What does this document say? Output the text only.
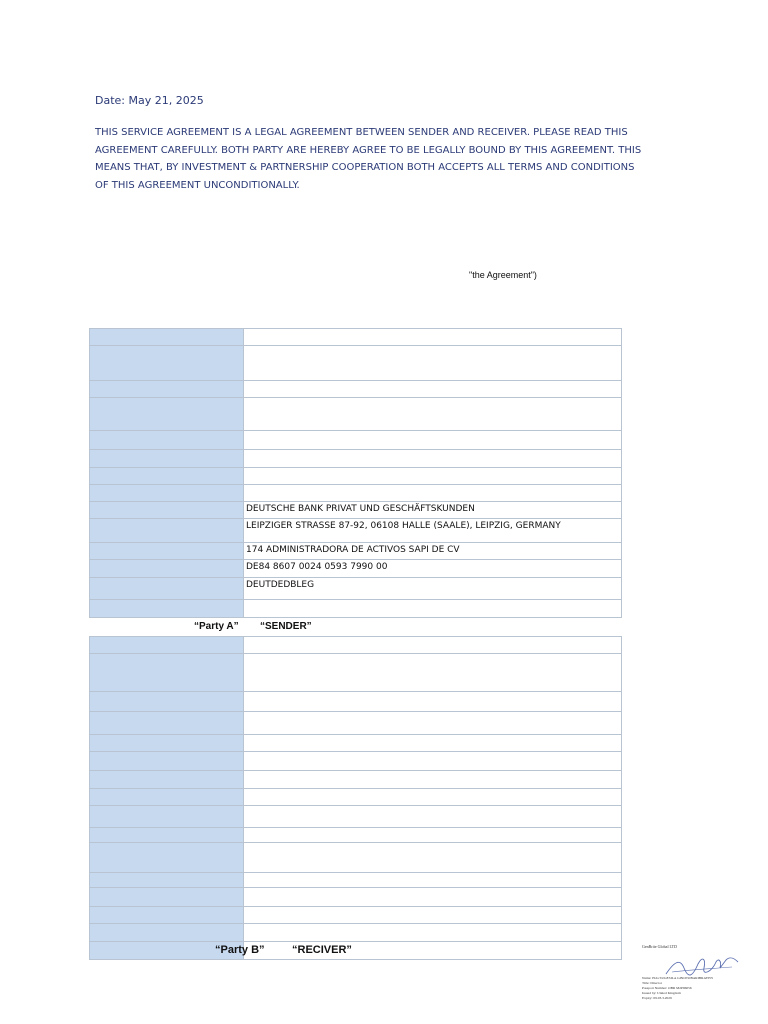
Date: May 21, 2025
THIS SERVICE AGREEMENT IS A LEGAL AGREEMENT BETWEEN SENDER AND RECEIVER. PLEASE READ THIS AGREEMENT CAREFULLY. BOTH PARTY ARE HEREBY AGREE TO BE LEGALLY BOUND BY THIS AGREEMENT. THIS MEANS THAT, BY INVESTMENT & PARTNERSHIP COOPERATION BOTH ACCEPTS ALL TERMS AND CONDITIONS OF THIS AGREEMENT UNCONDITIONALLY.
"the Agreement")

	DEUTSCHE BANK PRIVAT UND GESCHÄFTSKUNDEN
	LEIPZIGER STRASSE 87-92, 06108 HALLE (SAALE), LEIPZIG, GERMANY
	174 ADMINISTRADORA DE ACTIVOS SAPI DE CV
	DE84 8607 0024 0593 7990 00
	DEUTDEDBLEG

“Party A” “SENDER”

“Party B” “RECIVER”	GenBrite Global LTD
Name: Elda SUGESILA GINOTOBARIBRAYEN
Title: Director
Passport Number: OBR M2P96056
Issued by: United Kingdom
Expiry: 09.03.3.2029
